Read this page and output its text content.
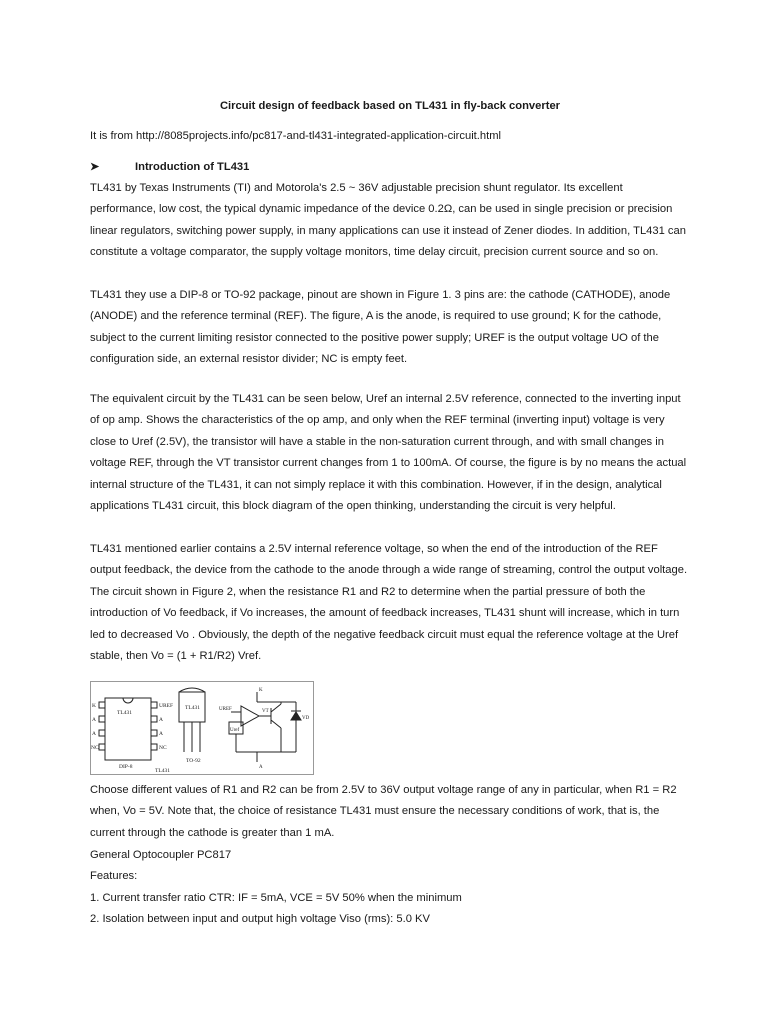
Circuit design of feedback based on TL431 in fly-back converter
It is from http://8085projects.info/pc817-and-tl431-integrated-application-circuit.html
➤	Introduction of TL431

TL431 by Texas Instruments (TI) and Motorola's 2.5 ~ 36V adjustable precision shunt regulator. Its excellent performance, low cost, the typical dynamic impedance of the device 0.2Ω, can be used in single precision or precision linear regulators, switching power supply, in many applications can use it instead of Zener diodes. In addition, TL431 can constitute a voltage comparator, the supply voltage monitors, time delay circuit, precision current source and so on.

TL431 they use a DIP-8 or TO-92 package, pinout are shown in Figure 1. 3 pins are: the cathode (CATHODE), anode (ANODE) and the reference terminal (REF). The figure, A is the anode, is required to use ground; K for the cathode, subject to the current limiting resistor connected to the positive power supply; UREF is the output voltage UO of the configuration side, an external resistor divider; NC is empty feet.

The equivalent circuit by the TL431 can be seen below, Uref an internal 2.5V reference, connected to the inverting input of op amp. Shows the characteristics of the op amp, and only when the REF terminal (inverting input) voltage is very close to Uref (2.5V), the transistor will have a stable in the non-saturation current through, and with small changes in voltage REF, through the VT transistor current changes from 1 to 100mA. Of course, the figure is by no means the actual internal structure of the TL431, it can not simply replace it with this combination. However, if in the design, analytical applications TL431 circuit, this block diagram of the open thinking, understanding the circuit is very helpful.

TL431 mentioned earlier contains a 2.5V internal reference voltage, so when the end of the introduction of the REF output feedback, the device from the cathode to the anode through a wide range of streaming, control the output voltage. The circuit shown in Figure 2, when the resistance R1 and R2 to determine when the partial pressure of both the introduction of Vo feedback, if Vo increases, the amount of feedback increases, TL431 shunt will increase, which in turn led to decreased Vo . Obviously, the depth of the negative feedback circuit must equal the reference voltage at the Uref stable, then Vo = (1 + R1/R2) Vref.

TL431
K
A
A
NC
UREF
A
A
NC
DIP-8
TL431
TO-92
TL431
K
UREF	VT
Uref
VD
A

Choose different values of R1 and R2 can be from 2.5V to 36V output voltage range of any in particular, when R1 = R2 when, Vo = 5V. Note that, the choice of resistance TL431 must ensure the necessary conditions of work, that is, the current through the cathode is greater than 1 mA.

General Optocoupler PC817
Features:
1. Current transfer ratio CTR: IF = 5mA, VCE = 5V 50% when the minimum
2. Isolation between input and output high voltage Viso (rms): 5.0 KV
